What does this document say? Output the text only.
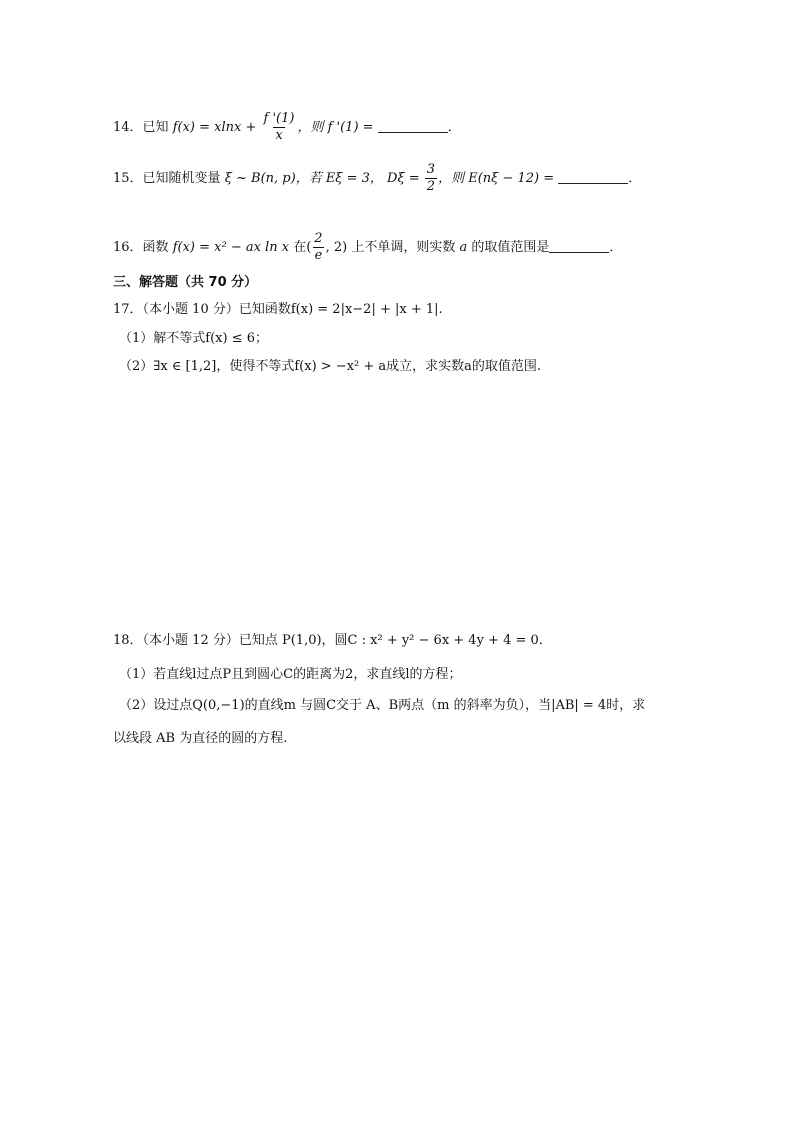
14．已知 $f(x) = xlnx + \frac{f '(1)}{x}$ ，则 f '(1) =	．
15．已知随机变量 ξ ~ B(n, p)，若 Eξ = 3， $D\xi = \frac{3}{2}$ ，则 E(nξ − 12) =	．
16．函数 f(x) = x² − ax ln x 在( $\frac{2}{e}$ , 2) 上不单调，则实数 a 的取值范围是	．
三、解答题（共 70 分）
17．（本小题 10 分）已知函数f(x) = 2|x−2| + |x + 1|.
（1）解不等式f(x) ≤ 6；
（2）∃x ∈ [1,2]，使得不等式f(x) > −x² + a成立，求实数a的取值范围.
18．（本小题 12 分）已知点 P(1,0)，圆C : x² + y² − 6x + 4y + 4 = 0．
（1）若直线l过点P且到圆心C的距离为2，求直线l的方程；
（2）设过点Q(0,−1)的直线m 与圆C交于 A、B两点（m 的斜率为负），当|AB| = 4时，求
以线段 AB 为直径的圆的方程.
